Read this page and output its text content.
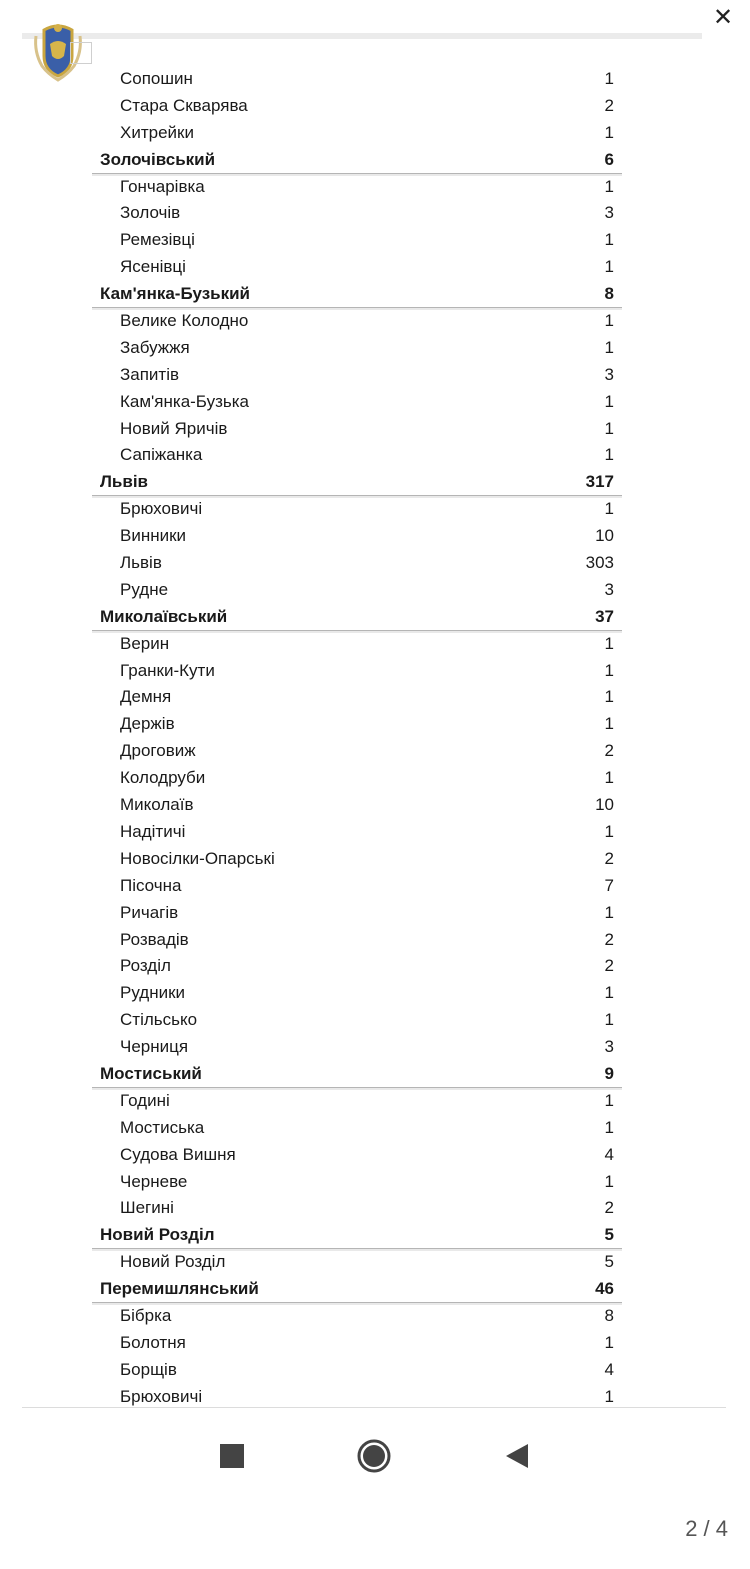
✕
Сопошин	1
Стара Скварява	2
Хитрейки	1
Золочівський	6
Гончарівка	1
Золочів	3
Ремезівці	1
Ясенівці	1
Кам'янка-Бузький	8
Велике Колодно	1
Забужжя	1
Запитів	3
Кам'янка-Бузька	1
Новий Яричів	1
Сапіжанка	1
Львів	317
Брюховичі	1
Винники	10
Львів	303
Рудне	3
Миколаївський	37
Верин	1
Гранки-Кути	1
Демня	1
Держів	1
Дроговиж	2
Колодруби	1
Миколаїв	10
Надітичі	1
Новосілки-Опарські	2
Пісочна	7
Ричагів	1
Розвадів	2
Розділ	2
Рудники	1
Стільсько	1
Черниця	3
Мостиський	9
Годині	1
Мостиська	1
Судова Вишня	4
Черневе	1
Шегині	2
Новий Розділ	5
Новий Розділ	5
Перемишлянський	46
Бібрка	8
Болотня	1
Борщів	4
Брюховичі	1
2 / 4
